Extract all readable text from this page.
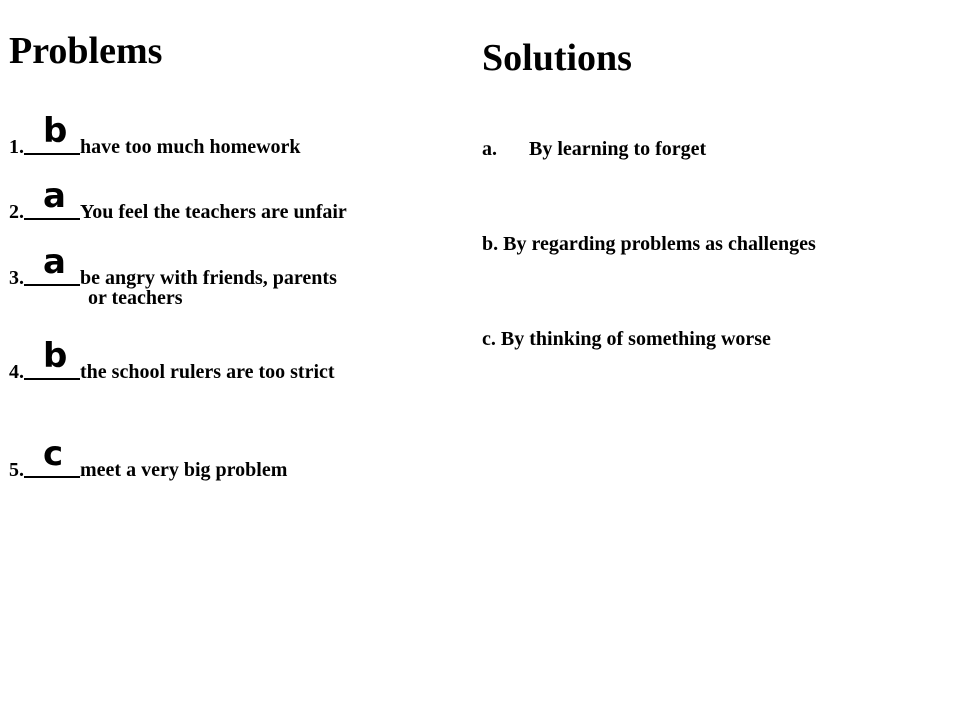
Problems
1. b have too much homework
2. a You feel the teachers are unfair
3. a be angry with friends, parents
or teachers
4. b the school rulers are too strict
5. c meet a very big problem
Solutions
a. By learning to forget
b. By regarding problems as challenges
c. By thinking of something worse
